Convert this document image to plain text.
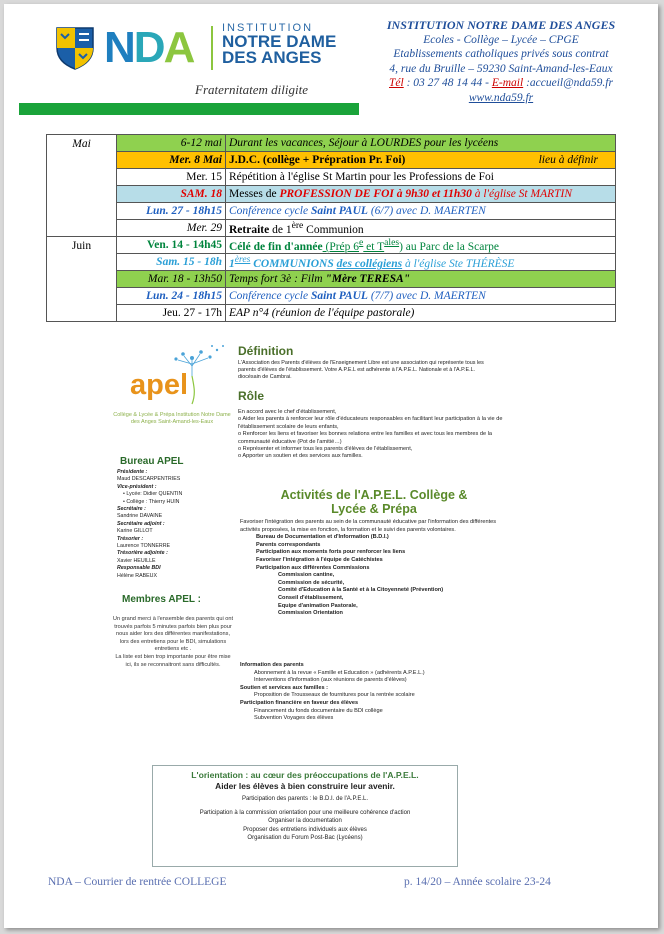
NDA	INSTITUTION
NOTRE DAME DES ANGES
Fraternitatem diligite
INSTITUTION NOTRE DAME DES ANGES
Ecoles - Collège – Lycée – CPGE
Etablissements catholiques privés sous contrat
4, rue du Bruille – 59230 Saint-Amand-les-Eaux
Tél : 03 27 48 14 44 - E-mail :accueil@nda59.fr
www.nda59.fr
Mai	6-12 mai	Durant les vacances, Séjour à LOURDES pour les lycéens
	Mer. 8 Mai	J.D.C. (collège + Prépration Pr. Foi) lieu à définir

	Mer. 15	Répétition à l'église St Martin pour les Professions de Foi
	SAM. 18	Messes de PROFESSION DE FOI à 9h30 et 11h30 à l'église St MARTIN
	Lun. 27 - 18h15	Conférence cycle Saint PAUL (6/7) avec D. MAERTEN
	Mer. 29	Retraite de 1ère Communion
Juin	Ven. 14 - 14h45	Célé de fin d'année (Prép 6e et $T^{ales}$) au Parc de la Scarpe
	Sam. 15 - 18h	1ères COMMUNIONS des collégiens à l'église Ste THÉRÈSE
	Mar. 18 - 13h50	Temps fort 3è : Film "Mère TERESA"
	Lun. 24 - 18h15	Conférence cycle Saint PAUL (7/7) avec D. MAERTEN
	Jeu. 27 - 17h	EAP n°4 (réunion de l'équipe pastorale)
apel
Collège & Lycée & Prépa Institution Notre Dame des Anges Saint-Amand-les-Eaux
Bureau APEL
Présidente :
Maud DESCARPENTRIES
Vice-président :
• Lycée: Didier QUENTIN
• Collège : Thierry HUIN
Secrétaire :
Sandrine DAVAINE
Secrétaire adjoint :
Karine GILLOT
Trésorier :
Laurence TONNERRE
Trésorière adjointe :
Xavier HEUILLE
Responsable BDI
Hélène RABEUX
Membres APEL :
Un grand merci à l'ensemble des parents qui ont trouvés parfois 5 minutes parfois bien plus pour nous aider lors des différentes manifestations, lors des entretiens pour le BDI, simulations entretiens etc .
La liste est bien trop importante pour être mise ici, ils se reconnaitront sans difficultés.
Définition
L'Association des Parents d'élèves de l'Enseignement Libre est une association qui représente tous les parents d'élèves de l'établissement. Votre A.P.E.L est adhérente à l'A.P.E.L. Nationale et à l'A.P.E.L. diocésain de Cambrai.
Rôle
En accord avec le chef d'établissement,
o Aider les parents à renforcer leur rôle d'éducateurs responsables en facilitant leur participation à la vie de l'établissement scolaire de leurs enfants,
o Renforcer les liens et favoriser les bonnes relations entre les familles et avec tous les membres de la communauté éducative (Pot de l'amitié…)
o Représenter et informer tous les parents d'élèves de l'établissement,
o Apporter un soutien et des services aux familles.
Activités de l'A.P.E.L. Collège & Lycée & Prépa
Favoriser l'intégration des parents au sein de la communauté éducative par l'information des différentes activités proposées, la mise en fonction, la formation et le suivi des parents volontaires.
Bureau de Documentation et d'Information (B.D.I.)
Parents correspondants
Participation aux moments forts pour renforcer les liens
Favoriser l'intégration à l'équipe de Catéchistes
Participation aux différentes Commissions
Commission cantine,
Commission de sécurité,
Comité d'Education à la Santé et à la Citoyenneté (Prévention)
Conseil d'établissement,
Equipe d'animation Pastorale,
Commission Orientation
Information des parents
Abonnement à la revue « Famille et Education » (adhérents A.P.E.L.)
Interventions d'information (aux réunions de parents d'élèves)
Soutien et services aux familles :
Proposition de Trousseaux de fournitures pour la rentrée scolaire
Participation financière en faveur des élèves
Financement du fonds documentaire du BDI collège
Subvention Voyages des élèves
L'orientation : au cœur des préoccupations de l'A.P.E.L.
Aider les élèves à bien construire leur avenir.
Participation des parents : le B.D.I. de l'A.P.E.L.
Participation à la commission orientation pour une meilleure cohérence d'action
Organiser la documentation
Proposer des entretiens individuels aux élèves
Organisation du Forum Post-Bac (Lycéens)
NDA – Courrier de rentrée COLLEGE	p. 14/20 – Année scolaire 23-24
